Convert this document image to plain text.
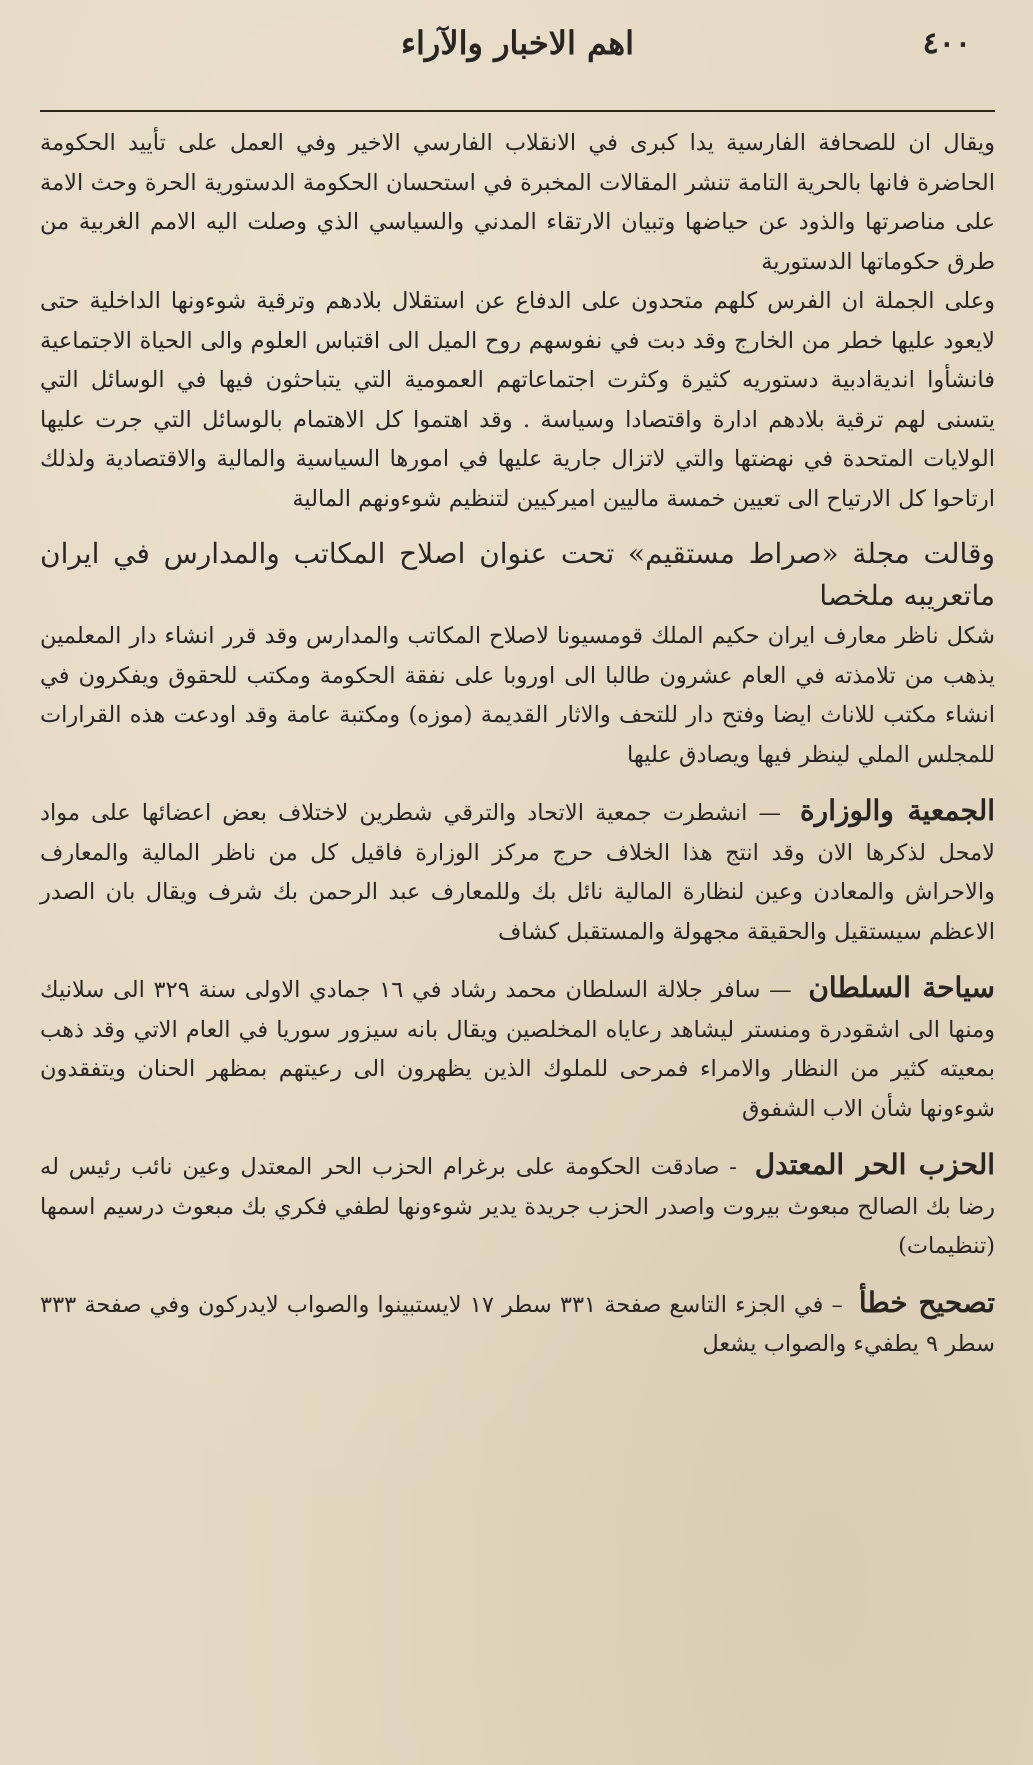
٤٠٠
اهم الاخبار والآراء

ويقال ان للصحافة الفارسية يدا كبرى في الانقلاب الفارسي الاخير وفي العمل على تأييد الحكومة الحاضرة فانها بالحرية التامة تنشر المقالات المخبرة في استحسان الحكومة الدستورية الحرة وحث الامة على مناصرتها والذود عن حياضها وتبيان الارتقاء المدني والسياسي الذي وصلت اليه الامم الغربية من طرق حكوماتها الدستورية

وعلى الجملة ان الفرس كلهم متحدون على الدفاع عن استقلال بلادهم وترقية شوءونها الداخلية حتى لايعود عليها خطر من الخارج وقد دبت في نفوسهم روح الميل الى اقتباس العلوم والى الحياة الاجتماعية فانشأوا انديةادبية دستوريه كثيرة وكثرت اجتماعاتهم العمومية التي يتباحثون فيها في الوسائل التي يتسنى لهم ترقية بلادهم ادارة واقتصادا وسياسة . وقد اهتموا كل الاهتمام بالوسائل التي جرت عليها الولايات المتحدة في نهضتها والتي لاتزال جارية عليها في امورها السياسية والمالية والاقتصادية ولذلك ارتاحوا كل الارتياح الى تعيين خمسة ماليين اميركيين لتنظيم شوءونهم المالية

وقالت مجلة «صراط مستقيم» تحت عنوان اصلاح المكاتب والمدارس في ايران ماتعريبه ملخصا

شكل ناظر معارف ايران حكيم الملك قومسيونا لاصلاح المكاتب والمدارس وقد قرر انشاء دار المعلمين يذهب من تلامذته في العام عشرون طالبا الى اوروبا على نفقة الحكومة ومكتب للحقوق ويفكرون في انشاء مكتب للاناث ايضا وفتح دار للتحف والاثار القديمة (موزه) ومكتبة عامة وقد اودعت هذه القرارات للمجلس الملي لينظر فيها ويصادق عليها

الجمعية والوزارة — انشطرت جمعية الاتحاد والترقي شطرين لاختلاف بعض اعضائها على مواد لامحل لذكرها الان وقد انتج هذا الخلاف حرج مركز الوزارة فاقيل كل من ناظر المالية والمعارف والاحراش والمعادن وعين لنظارة المالية نائل بك وللمعارف عبد الرحمن بك شرف ويقال بان الصدر الاعظم سيستقيل والحقيقة مجهولة والمستقبل كشاف

سياحة السلطان — سافر جلالة السلطان محمد رشاد في ١٦ جمادي الاولى سنة ٣٢٩ الى سلانيك ومنها الى اشقودرة ومنستر ليشاهد رعاياه المخلصين ويقال بانه سيزور سوريا في العام الاتي وقد ذهب بمعيته كثير من النظار والامراء فمرحى للملوك الذين يظهرون الى رعيتهم بمظهر الحنان ويتفقدون شوءونها شأن الاب الشفوق

الحزب الحر المعتدل - صادقت الحكومة على برغرام الحزب الحر المعتدل وعين نائب رئيس له رضا بك الصالح مبعوث بيروت واصدر الحزب جريدة يدير شوءونها لطفي فكري بك مبعوث درسيم اسمها (تنظيمات)

تصحيح خطأ – في الجزء التاسع صفحة ٣٣١ سطر ١٧ لايستبينوا والصواب لايدركون وفي صفحة ٣٣٣ سطر ٩ يطفيء والصواب يشعل
